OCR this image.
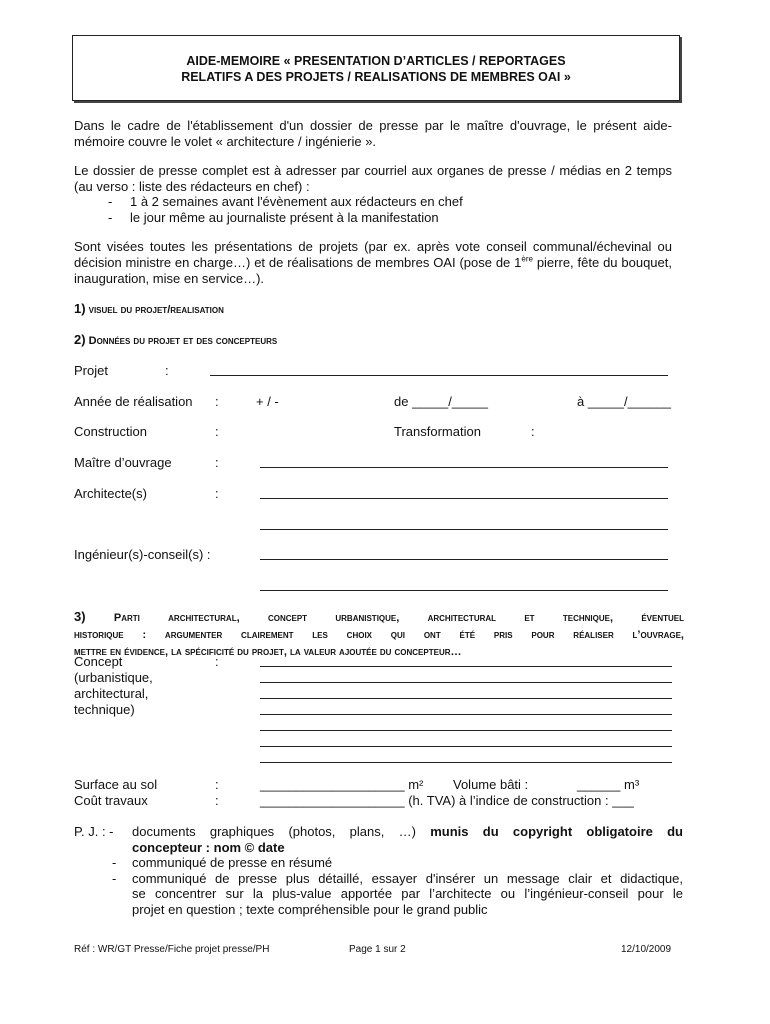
AIDE-MEMOIRE « PRESENTATION D’ARTICLES / REPORTAGES
RELATIFS A DES PROJETS / REALISATIONS DE MEMBRES OAI »
Dans le cadre de l'établissement d'un dossier de presse par le maître d'ouvrage, le présent aide-mémoire couvre le volet « architecture / ingénierie ».
Le dossier de presse complet est à adresser par courriel aux organes de presse / médias en 2 temps (au verso : liste des rédacteurs en chef) :
- 1 à 2 semaines avant l'évènement aux rédacteurs en chef
- le jour même au journaliste présent à la manifestation
Sont visées toutes les présentations de projets (par ex. après vote conseil communal/échevinal ou décision ministre en charge…) et de réalisations de membres OAI (pose de 1ère pierre, fête du bouquet, inauguration, mise en service…).
1) visuel du projet/realisation
2) Données du projet et des concepteurs
Projet	:
Année de réalisation :	+ / -	de _____/_____	à _____/______
Construction	:	Transformation	:
Maître d’ouvrage	:
Architecte(s)	:
Ingénieur(s)-conseil(s) :
3)	Parti architectural, concept urbanistique, architectural et technique, éventuel
historique : argumenter clairement les choix qui ont été pris pour réaliser l’ouvrage,
mettre en évidence, la spécificité du projet, la valeur ajoutée du concepteur…
Concept	:
(urbanistique,
architectural,
technique)
Surface au sol	:	____________________ m² Volume bâti :	______ m³
Coût travaux	:	____________________ (h. TVA) à l’indice de construction : ___
P. J. : - documents graphiques (photos, plans, …) munis du copyright obligatoire du
concepteur : nom © date
- communiqué de presse en résumé
- communiqué de presse plus détaillé, essayer d'insérer un message clair et didactique,
se concentrer sur la plus-value apportée par l’architecte ou l’ingénieur-conseil pour le
projet en question ; texte compréhensible pour le grand public
Réf : WR/GT Presse/Fiche projet presse/PH	Page 1 sur 2	12/10/2009
